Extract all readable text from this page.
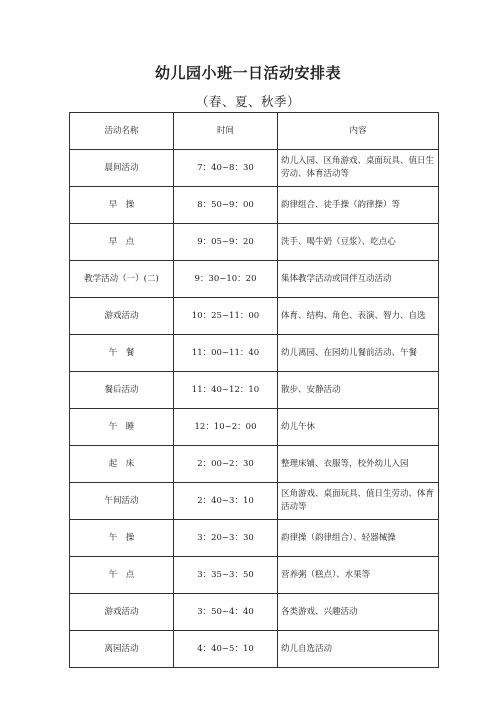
幼儿园小班一日活动安排表
（春、夏、秋季）
活动名称	时间	内容
晨间活动	7：40~8：30	幼儿入园、区角游戏、桌面玩具、值日生劳动、体育活动等
早　操	8：50~9：00	韵律组合、徒手操（韵律操）等
早　点	9：05~9：20	洗手、喝牛奶（豆浆）、吃点心
教学活动（一）(二)	9：30~10：20	集体教学活动或同伴互动活动
游戏活动	10：25~11：00	体育、结构、角色、表演、智力、自选
午　餐	11：00~11：40	幼儿离园、在园幼儿餐前活动、午餐
餐后活动	11：40~12：10	散步、安静活动
午　睡	12：10~2：00	幼儿午休
起　床	2：00~2：30	整理床铺、衣服等，校外幼儿入园
午间活动	2：40~3：10	区角游戏、桌面玩具、值日生劳动、体育活动等
午　操	3：20~3：30	韵律操（韵律组合）、轻器械操
午　点	3：35~3：50	营养粥（糕点）、水果等
游戏活动	3：50~4：40	各类游戏、兴趣活动
离园活动	4：40~5：10	幼儿自选活动
